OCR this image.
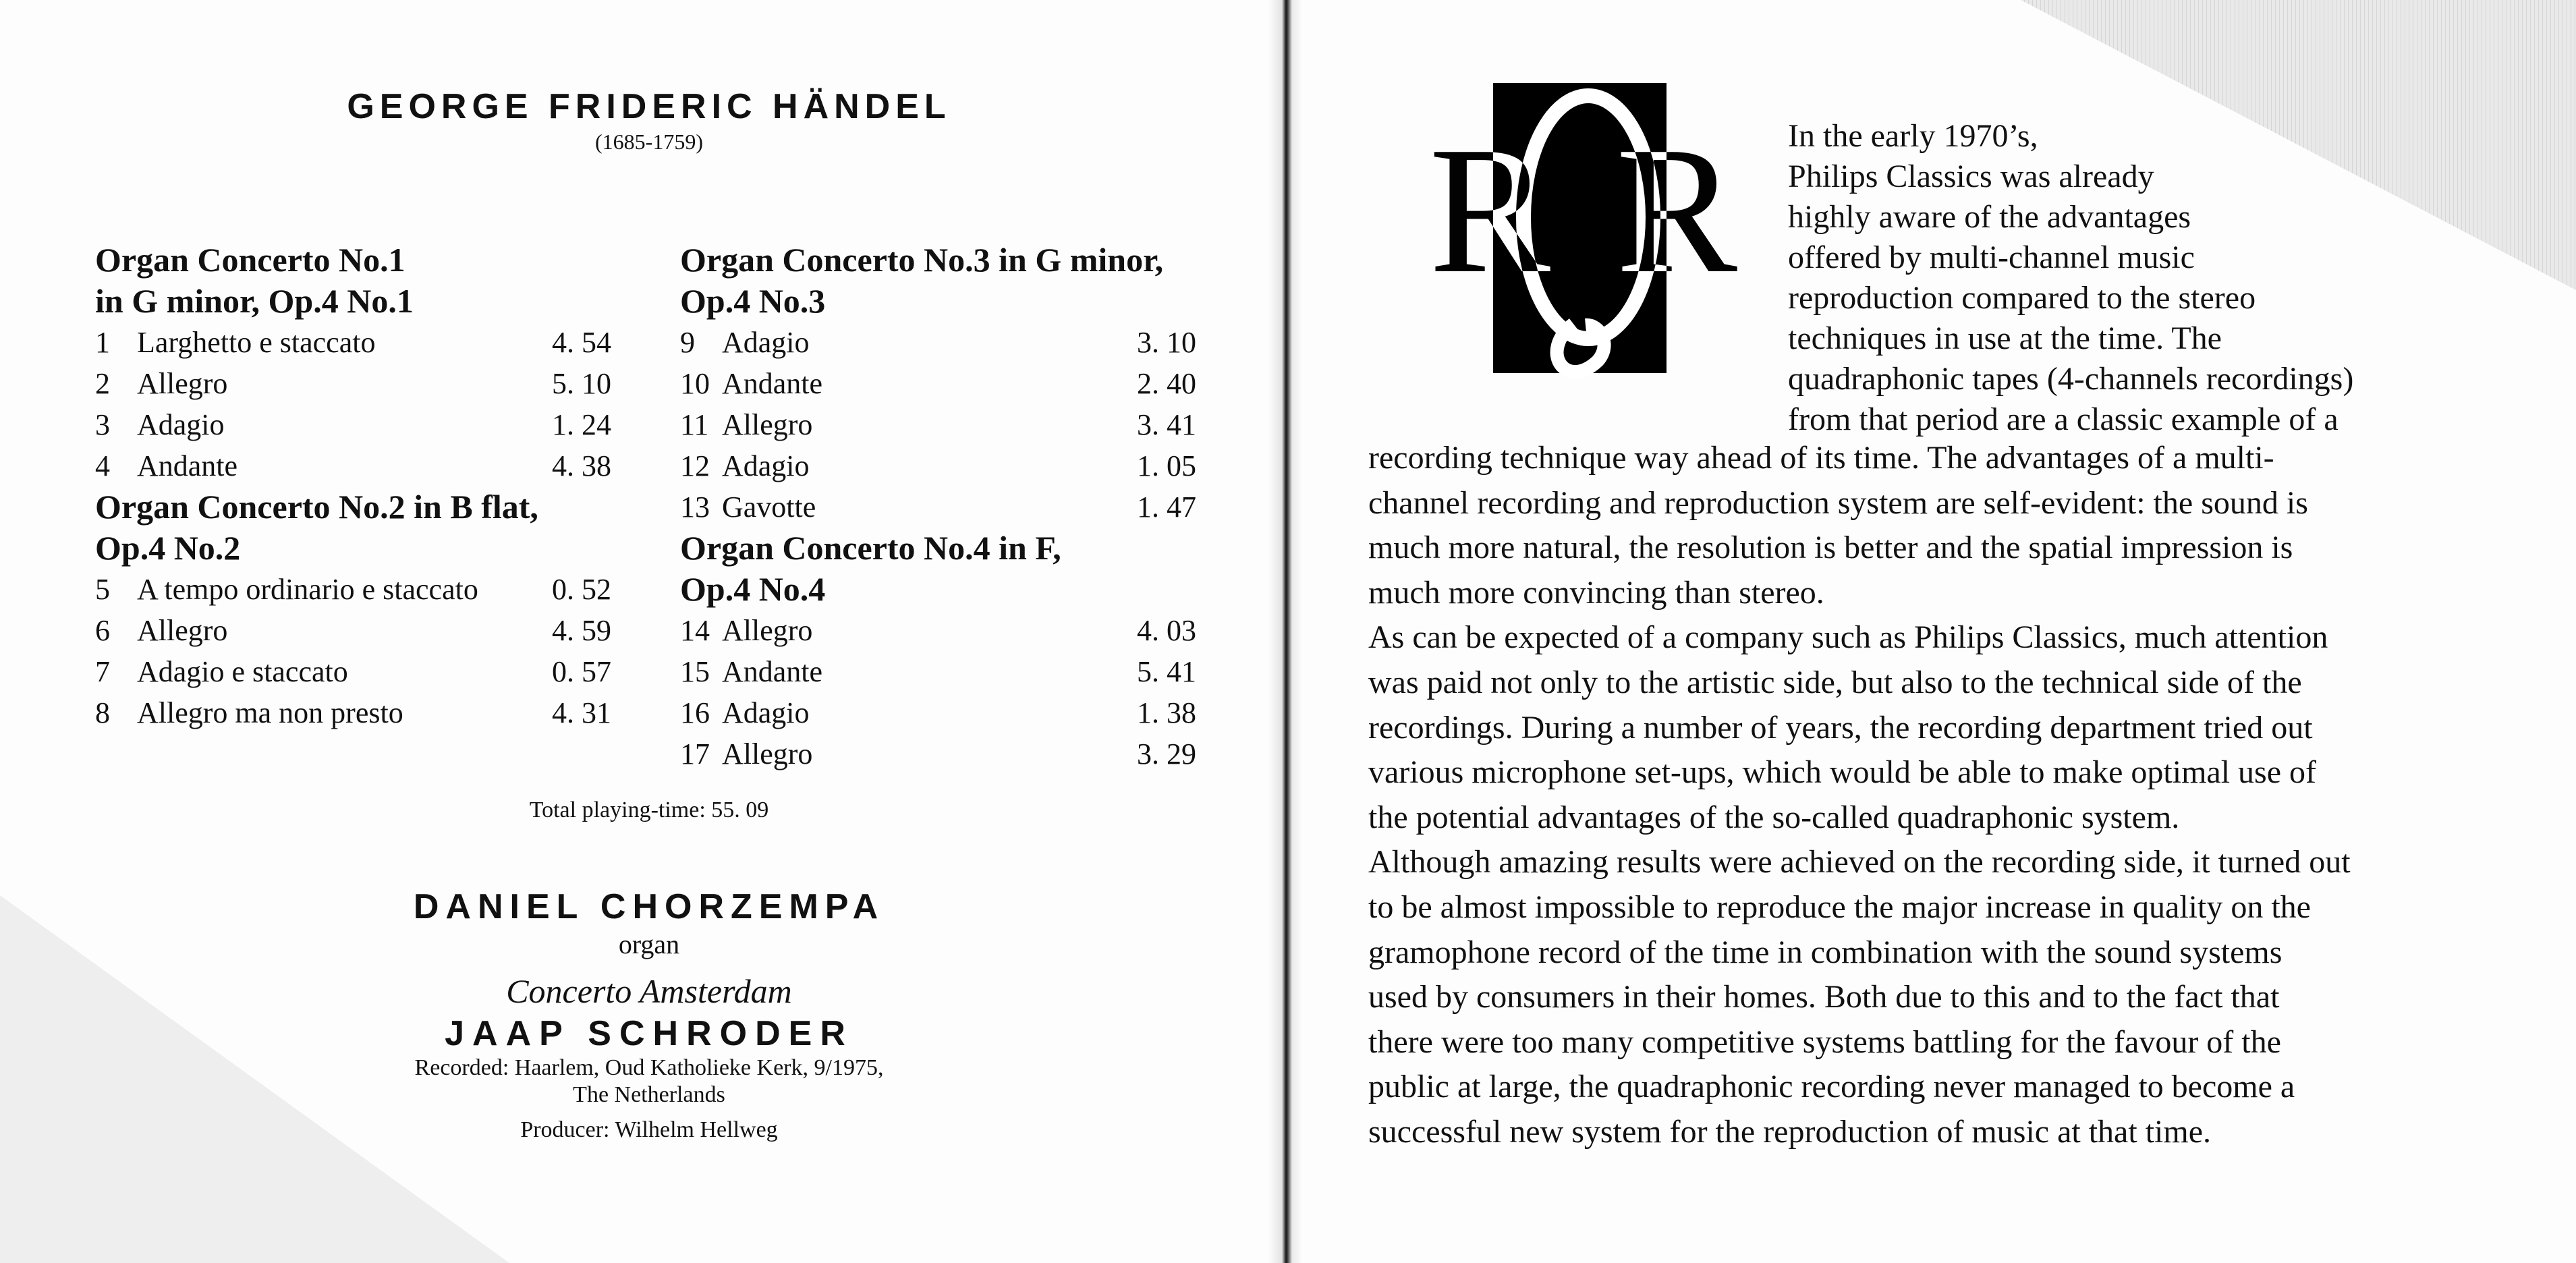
GEORGE FRIDERIC HÄNDEL
(1685-1759)
Organ Concerto No.1
in G minor, Op.4 No.1
1 Larghetto e staccato	4. 54
2 Allegro	5. 10
3 Adagio	1. 24
4 Andante	4. 38
Organ Concerto No.2 in B flat,
Op.4 No.2
5 A tempo ordinario e staccato 0. 52
6 Allegro	4. 59
7 Adagio e staccato	0. 57
8 Allegro ma non presto	4. 31
Organ Concerto No.3 in G minor,
Op.4 No.3
9 Adagio	3. 10
10 Andante	2. 40
11 Allegro	3. 41
12 Adagio	1. 05
13 Gavotte	1. 47
Organ Concerto No.4 in F,
Op.4 No.4
14 Allegro	4. 03
15 Andante	5. 41
16 Adagio	1. 38
17 Allegro	3. 29
Total playing-time: 55. 09
DANIEL CHORZEMPA
organ
Concerto Amsterdam
JAAP SCHRODER
Recorded: Haarlem, Oud Katholieke Kerk, 9/1975,
The Netherlands
Producer: Wilhelm Hellweg
R R In the early 1970’s,
Philips Classics was already
highly aware of the advantages
offered by multi-channel music
reproduction compared to the stereo
techniques in use at the time. The
quadraphonic tapes (4-channels recordings)
from that period are a classic example of a
recording technique way ahead of its time. The advantages of a multi-
channel recording and reproduction system are self-evident: the sound is
much more natural, the resolution is better and the spatial impression is
much more convincing than stereo.
As can be expected of a company such as Philips Classics, much attention
was paid not only to the artistic side, but also to the technical side of the
recordings. During a number of years, the recording department tried out
various microphone set-ups, which would be able to make optimal use of
the potential advantages of the so-called quadraphonic system.
Although amazing results were achieved on the recording side, it turned out
to be almost impossible to reproduce the major increase in quality on the
gramophone record of the time in combination with the sound systems
used by consumers in their homes. Both due to this and to the fact that
there were too many competitive systems battling for the favour of the
public at large, the quadraphonic recording never managed to become a
successful new system for the reproduction of music at that time.
